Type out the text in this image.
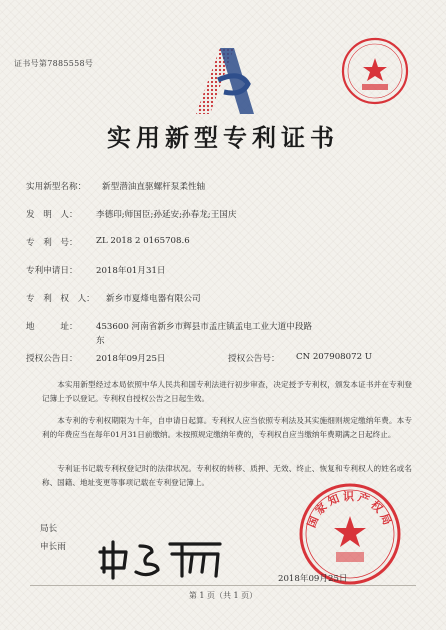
证书号第7885558号
实用新型专利证书
实用新型名称： 新型潜油直驱螺杆泵柔性轴
发　明　人： 李德印;师国臣;孙延安;孙春龙;王国庆
专　利　号： ZL 2018 2 0165708.6
专利申请日： 2018年01月31日
专　利　权　人： 新乡市夏烽电器有限公司
地　　　址： 453600 河南省新乡市辉县市孟庄镇孟电工业大道中段路
东
授权公告日： 2018年09月25日	授权公告号： CN 207908072 U

本实用新型经过本局依照中华人民共和国专利法进行初步审查，决定授予专利权，颁发本证书并在专利登记簿上予以登记。专利权自授权公告之日起生效。

本专利的专利权期限为十年，自申请日起算。专利权人应当依照专利法及其实施细则规定缴纳年费。本专利的年费应当在每年01月31日前缴纳。未按照规定缴纳年费的，专利权自应当缴纳年费期满之日起终止。

专利证书记载专利权登记时的法律状况。专利权的转移、质押、无效、终止、恢复和专利权人的姓名或名称、国籍、地址变更等事项记载在专利登记簿上。

局长
申长雨
国家知识产权局
2018年09月25日
第 1 页（共 1 页）
